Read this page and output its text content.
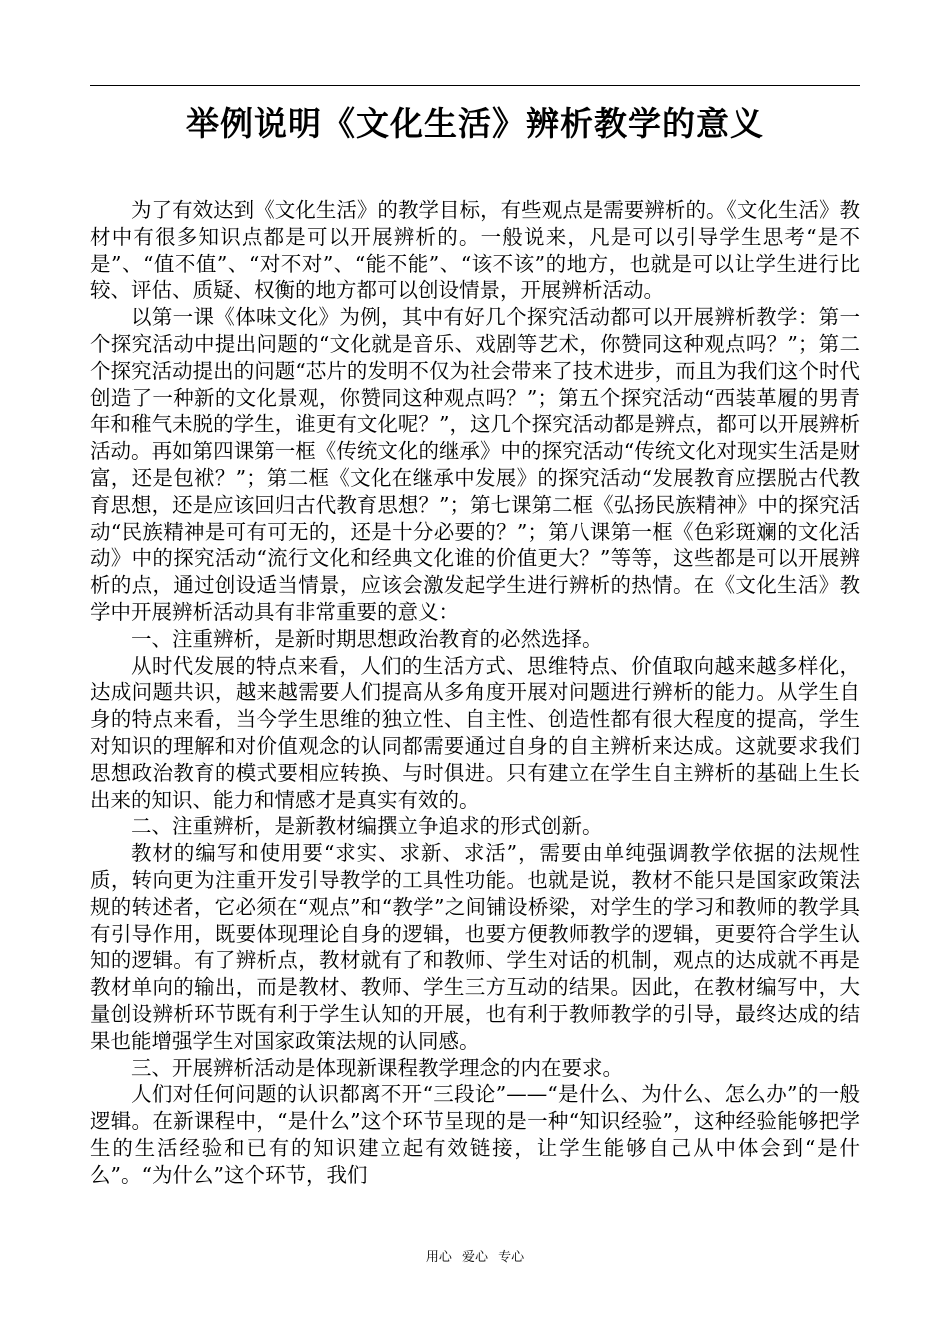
举例说明《文化生活》辨析教学的意义

为了有效达到《文化生活》的教学目标，有些观点是需要辨析的。《文化生活》教材中有很多知识点都是可以开展辨析的。一般说来，凡是可以引导学生思考“是不是”、“值不值”、“对不对”、“能不能”、“该不该”的地方，也就是可以让学生进行比较、评估、质疑、权衡的地方都可以创设情景，开展辨析活动。

以第一课《体味文化》为例，其中有好几个探究活动都可以开展辨析教学：第一个探究活动中提出问题的“文化就是音乐、戏剧等艺术，你赞同这种观点吗？”；第二个探究活动提出的问题“芯片的发明不仅为社会带来了技术进步，而且为我们这个时代创造了一种新的文化景观，你赞同这种观点吗？”；第五个探究活动“西装革履的男青年和稚气未脱的学生，谁更有文化呢？”，这几个探究活动都是辨点，都可以开展辨析活动。再如第四课第一框《传统文化的继承》中的探究活动“传统文化对现实生活是财富，还是包袱？”；第二框《文化在继承中发展》的探究活动“发展教育应摆脱古代教育思想，还是应该回归古代教育思想？”；第七课第二框《弘扬民族精神》中的探究活动“民族精神是可有可无的，还是十分必要的？”；第八课第一框《色彩斑斓的文化活动》中的探究活动“流行文化和经典文化谁的价值更大？”等等，这些都是可以开展辨析的点，通过创设适当情景，应该会激发起学生进行辨析的热情。在《文化生活》教学中开展辨析活动具有非常重要的意义：

一、注重辨析，是新时期思想政治教育的必然选择。

从时代发展的特点来看，人们的生活方式、思维特点、价值取向越来越多样化，达成问题共识，越来越需要人们提高从多角度开展对问题进行辨析的能力。从学生自身的特点来看，当今学生思维的独立性、自主性、创造性都有很大程度的提高，学生对知识的理解和对价值观念的认同都需要通过自身的自主辨析来达成。这就要求我们思想政治教育的模式要相应转换、与时俱进。只有建立在学生自主辨析的基础上生长出来的知识、能力和情感才是真实有效的。

二、注重辨析，是新教材编撰立争追求的形式创新。

教材的编写和使用要“求实、求新、求活”，需要由单纯强调教学依据的法规性质，转向更为注重开发引导教学的工具性功能。也就是说，教材不能只是国家政策法规的转述者，它必须在“观点”和“教学”之间铺设桥梁，对学生的学习和教师的教学具有引导作用，既要体现理论自身的逻辑，也要方便教师教学的逻辑，更要符合学生认知的逻辑。有了辨析点，教材就有了和教师、学生对话的机制，观点的达成就不再是教材单向的输出，而是教材、教师、学生三方互动的结果。因此，在教材编写中，大量创设辨析环节既有利于学生认知的开展，也有利于教师教学的引导，最终达成的结果也能增强学生对国家政策法规的认同感。

三、开展辨析活动是体现新课程教学理念的内在要求。

人们对任何问题的认识都离不开“三段论”——“是什么、为什么、怎么办”的一般逻辑。在新课程中，“是什么”这个环节呈现的是一种“知识经验”，这种经验能够把学生的生活经验和已有的知识建立起有效链接，让学生能够自己从中体会到“是什么”。“为什么”这个环节，我们

用心 爱心 专心
